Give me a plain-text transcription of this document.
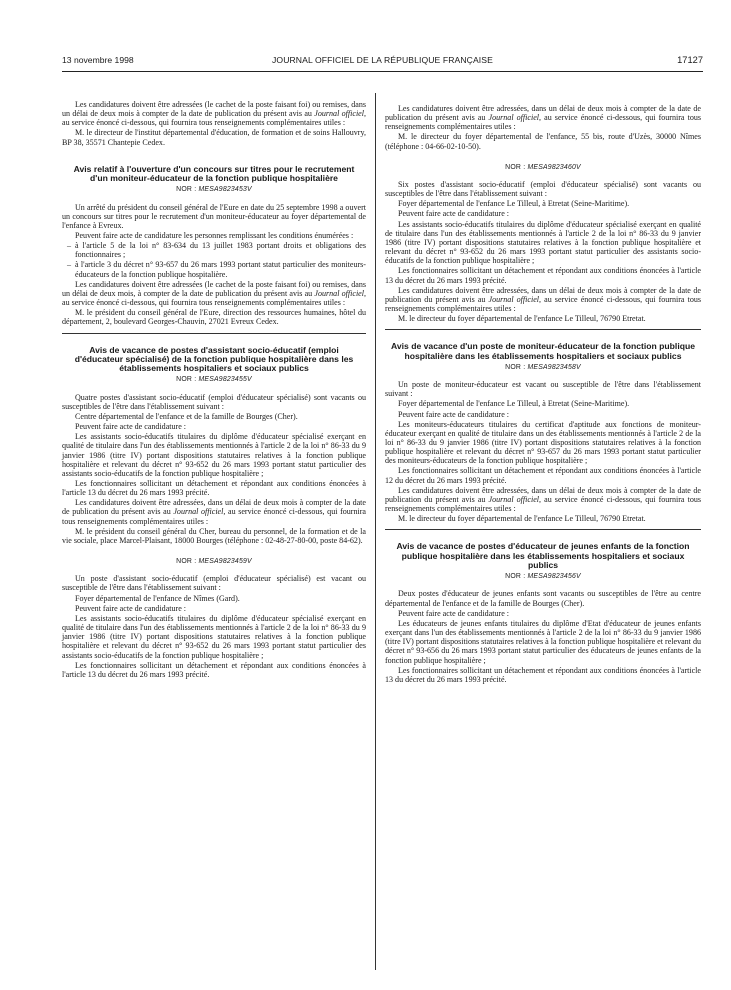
13 novembre 1998	JOURNAL OFFICIEL DE LA RÉPUBLIQUE FRANÇAISE	17127

Les candidatures doivent être adressées (le cachet de la poste faisant foi) ou remises, dans un délai de deux mois à compter de la date de publication du présent avis au Journal officiel, au service énoncé ci-dessous, qui fournira tous renseignements complémentaires utiles :

M. le directeur de l'institut départemental d'éducation, de formation et de soins Hallouvry, BP 38, 35571 Chantepie Cedex.

Avis relatif à l'ouverture d'un concours sur titres pour le recrutement d'un moniteur-éducateur de la fonction publique hospitalière
NOR : MESA9823453V

Un arrêté du président du conseil général de l'Eure en date du 25 septembre 1998 a ouvert un concours sur titres pour le recrutement d'un moniteur-éducateur au foyer départemental de l'enfance à Evreux.

Peuvent faire acte de candidature les personnes remplissant les conditions énumérées :

– à l'article 5 de la loi n° 83-634 du 13 juillet 1983 portant droits et obligations des fonctionnaires ;

– à l'article 3 du décret n° 93-657 du 26 mars 1993 portant statut particulier des moniteurs-éducateurs de la fonction publique hospitalière.

Les candidatures doivent être adressées (le cachet de la poste faisant foi) ou remises, dans un délai de deux mois, à compter de la date de publication du présent avis au Journal officiel, au service énoncé ci-dessous, qui fournira tous renseignements complémentaires utiles :

M. le président du conseil général de l'Eure, direction des ressources humaines, hôtel du département, 2, boulevard Georges-Chauvin, 27021 Evreux Cedex.

Avis de vacance de postes d'assistant socio-éducatif (emploi d'éducateur spécialisé) de la fonction publique hospitalière dans les établissements hospitaliers et sociaux publics
NOR : MESA9823455V

Quatre postes d'assistant socio-éducatif (emploi d'éducateur spécialisé) sont vacants ou susceptibles de l'être dans l'établissement suivant :

Centre départemental de l'enfance et de la famille de Bourges (Cher).

Peuvent faire acte de candidature :

Les assistants socio-éducatifs titulaires du diplôme d'éducateur spécialisé exerçant en qualité de titulaire dans l'un des établissements mentionnés à l'article 2 de la loi n° 86-33 du 9 janvier 1986 (titre IV) portant dispositions statutaires relatives à la fonction publique hospitalière et relevant du décret n° 93-652 du 26 mars 1993 portant statut particulier des assistants socio-éducatifs de la fonction publique hospitalière ;

Les fonctionnaires sollicitant un détachement et répondant aux conditions énoncées à l'article 13 du décret du 26 mars 1993 précité.

Les candidatures doivent être adressées, dans un délai de deux mois à compter de la date de publication du présent avis au Journal officiel, au service énoncé ci-dessous, qui fournira tous renseignements complémentaires utiles :

M. le président du conseil général du Cher, bureau du personnel, de la formation et de la vie sociale, place Marcel-Plaisant, 18000 Bourges (téléphone : 02-48-27-80-00, poste 84-62).

NOR : MESA9823459V

Un poste d'assistant socio-éducatif (emploi d'éducateur spécialisé) est vacant ou susceptible de l'être dans l'établissement suivant :

Foyer départemental de l'enfance de Nîmes (Gard).

Peuvent faire acte de candidature :

Les assistants socio-éducatifs titulaires du diplôme d'éducateur spécialisé exerçant en qualité de titulaire dans l'un des établissements mentionnés à l'article 2 de la loi n° 86-33 du 9 janvier 1986 (titre IV) portant dispositions statutaires relatives à la fonction publique hospitalière et relevant du décret n° 93-652 du 26 mars 1993 portant statut particulier des assistants socio-éducatifs de la fonction publique hospitalière ;

Les fonctionnaires sollicitant un détachement et répondant aux conditions énoncées à l'article 13 du décret du 26 mars 1993 précité.

Les candidatures doivent être adressées, dans un délai de deux mois à compter de la date de publication du présent avis au Journal officiel, au service énoncé ci-dessous, qui fournira tous renseignements complémentaires utiles :

M. le directeur du foyer départemental de l'enfance, 55 bis, route d'Uzès, 30000 Nîmes (téléphone : 04-66-02-10-50).

NOR : MESA9823460V

Six postes d'assistant socio-éducatif (emploi d'éducateur spécialisé) sont vacants ou susceptibles de l'être dans l'établissement suivant :

Foyer départemental de l'enfance Le Tilleul, à Etretat (Seine-Maritime).

Peuvent faire acte de candidature :

Les assistants socio-éducatifs titulaires du diplôme d'éducateur spécialisé exerçant en qualité de titulaire dans l'un des établissements mentionnés à l'article 2 de la loi n° 86-33 du 9 janvier 1986 (titre IV) portant dispositions statutaires relatives à la fonction publique hospitalière et relevant du décret n° 93-652 du 26 mars 1993 portant statut particulier des assistants socio-éducatifs de la fonction publique hospitalière ;

Les fonctionnaires sollicitant un détachement et répondant aux conditions énoncées à l'article 13 du décret du 26 mars 1993 précité.

Les candidatures doivent être adressées, dans un délai de deux mois à compter de la date de publication du présent avis au Journal officiel, au service énoncé ci-dessous, qui fournira tous renseignements complémentaires utiles :

M. le directeur du foyer départemental de l'enfance Le Tilleul, 76790 Etretat.

Avis de vacance d'un poste de moniteur-éducateur de la fonction publique hospitalière dans les établissements hospitaliers et sociaux publics
NOR : MESA9823458V

Un poste de moniteur-éducateur est vacant ou susceptible de l'être dans l'établissement suivant :

Foyer départemental de l'enfance Le Tilleul, à Etretat (Seine-Maritime).

Peuvent faire acte de candidature :

Les moniteurs-éducateurs titulaires du certificat d'aptitude aux fonctions de moniteur-éducateur exerçant en qualité de titulaire dans un des établissements mentionnés à l'article 2 de la loi n° 86-33 du 9 janvier 1986 (titre IV) portant dispositions statutaires relatives à la fonction publique hospitalière et relevant du décret n° 93-657 du 26 mars 1993 portant statut particulier des moniteurs-éducateurs de la fonction publique hospitalière ;

Les fonctionnaires sollicitant un détachement et répondant aux conditions énoncées à l'article 12 du décret du 26 mars 1993 précité.

Les candidatures doivent être adressées, dans un délai de deux mois à compter de la date de publication du présent avis au Journal officiel, au service énoncé ci-dessous, qui fournira tous renseignements complémentaires utiles :

M. le directeur du foyer départemental de l'enfance Le Tilleul, 76790 Etretat.

Avis de vacance de postes d'éducateur de jeunes enfants de la fonction publique hospitalière dans les établissements hospitaliers et sociaux publics
NOR : MESA9823456V

Deux postes d'éducateur de jeunes enfants sont vacants ou susceptibles de l'être au centre départemental de l'enfance et de la famille de Bourges (Cher).

Peuvent faire acte de candidature :

Les éducateurs de jeunes enfants titulaires du diplôme d'Etat d'éducateur de jeunes enfants exerçant dans l'un des établissements mentionnés à l'article 2 de la loi n° 86-33 du 9 janvier 1986 (titre IV) portant dispositions statutaires relatives à la fonction publique hospitalière et relevant du décret n° 93-656 du 26 mars 1993 portant statut particulier des éducateurs de jeunes enfants de la fonction publique hospitalière ;

Les fonctionnaires sollicitant un détachement et répondant aux conditions énoncées à l'article 13 du décret du 26 mars 1993 précité.
